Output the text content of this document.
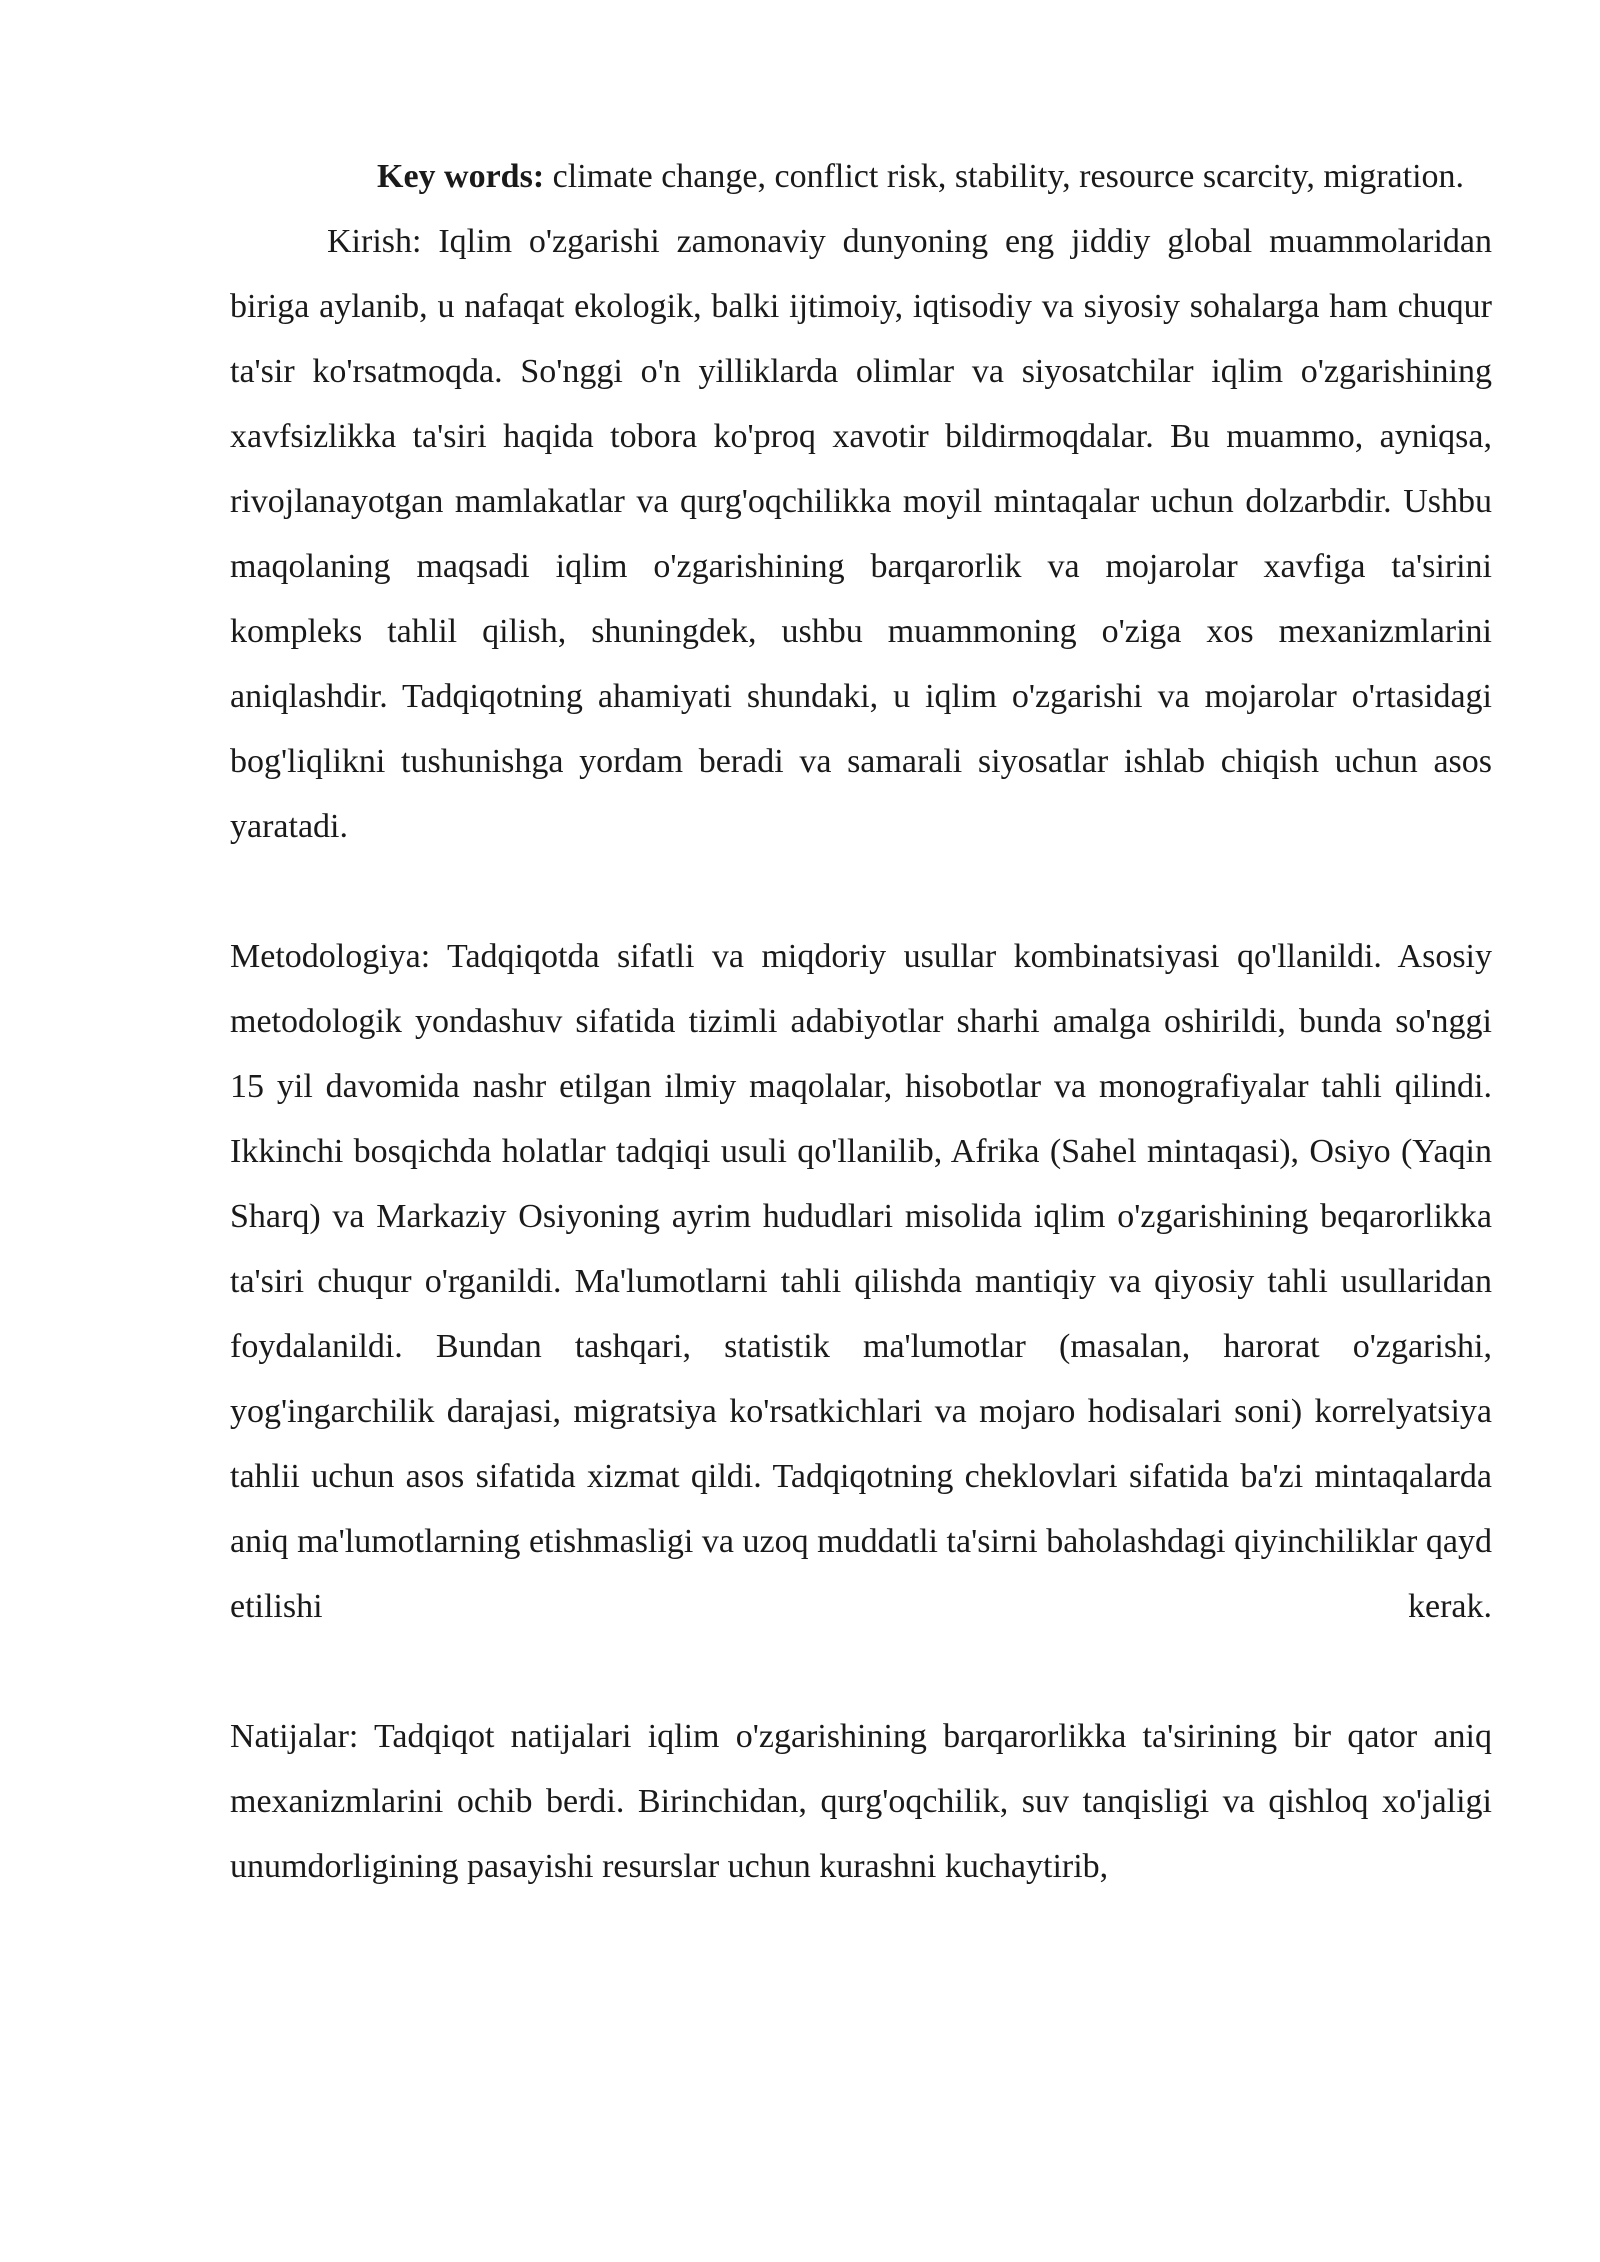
Key words: climate change, conflict risk, stability, resource scarcity, migration.

Kirish: Iqlim o'zgarishi zamonaviy dunyoning eng jiddiy global muammolaridan biriga aylanib, u nafaqat ekologik, balki ijtimoiy, iqtisodiy va siyosiy sohalarga ham chuqur ta'sir ko'rsatmoqda. So'nggi o'n yilliklarda olimlar va siyosatchilar iqlim o'zgarishining xavfsizlikka ta'siri haqida tobora ko'proq xavotir bildirmoqdalar. Bu muammo, ayniqsa, rivojlanayotgan mamlakatlar va qurg'oqchilikka moyil mintaqalar uchun dolzarbdir. Ushbu maqolaning maqsadi iqlim o'zgarishining barqarorlik va mojarolar xavfiga ta'sirini kompleks tahlil qilish, shuningdek, ushbu muammoning o'ziga xos mexanizmlarini aniqlashdir. Tadqiqotning ahamiyati shundaki, u iqlim o'zgarishi va mojarolar o'rtasidagi bog'liqlikni tushunishga yordam beradi va samarali siyosatlar ishlab chiqish uchun asos yaratadi.

Metodologiya: Tadqiqotda sifatli va miqdoriy usullar kombinatsiyasi qo'llanildi. Asosiy metodologik yondashuv sifatida tizimli adabiyotlar sharhi amalga oshirildi, bunda so'nggi 15 yil davomida nashr etilgan ilmiy maqolalar, hisobotlar va monografiyalar tahli qilindi. Ikkinchi bosqichda holatlar tadqiqi usuli qo'llanilib, Afrika (Sahel mintaqasi), Osiyo (Yaqin Sharq) va Markaziy Osiyoning ayrim hududlari misolida iqlim o'zgarishining beqarorlikka ta'siri chuqur o'rganildi. Ma'lumotlarni tahli qilishda mantiqiy va qiyosiy tahli usullaridan foydalanildi. Bundan tashqari, statistik ma'lumotlar (masalan, harorat o'zgarishi, yog'ingarchilik darajasi, migratsiya ko'rsatkichlari va mojaro hodisalari soni) korrelyatsiya tahlii uchun asos sifatida xizmat qildi. Tadqiqotning cheklovlari sifatida ba'zi mintaqalarda aniq ma'lumotlarning etishmasligi va uzoq muddatli ta'sirni baholashdagi qiyinchiliklar qayd etilishi kerak.

Natijalar: Tadqiqot natijalari iqlim o'zgarishining barqarorlikka ta'sirining bir qator aniq mexanizmlarini ochib berdi. Birinchidan, qurg'oqchilik, suv tanqisligi va qishloq xo'jaligi unumdorligining pasayishi resurslar uchun kurashni kuchaytirib,
